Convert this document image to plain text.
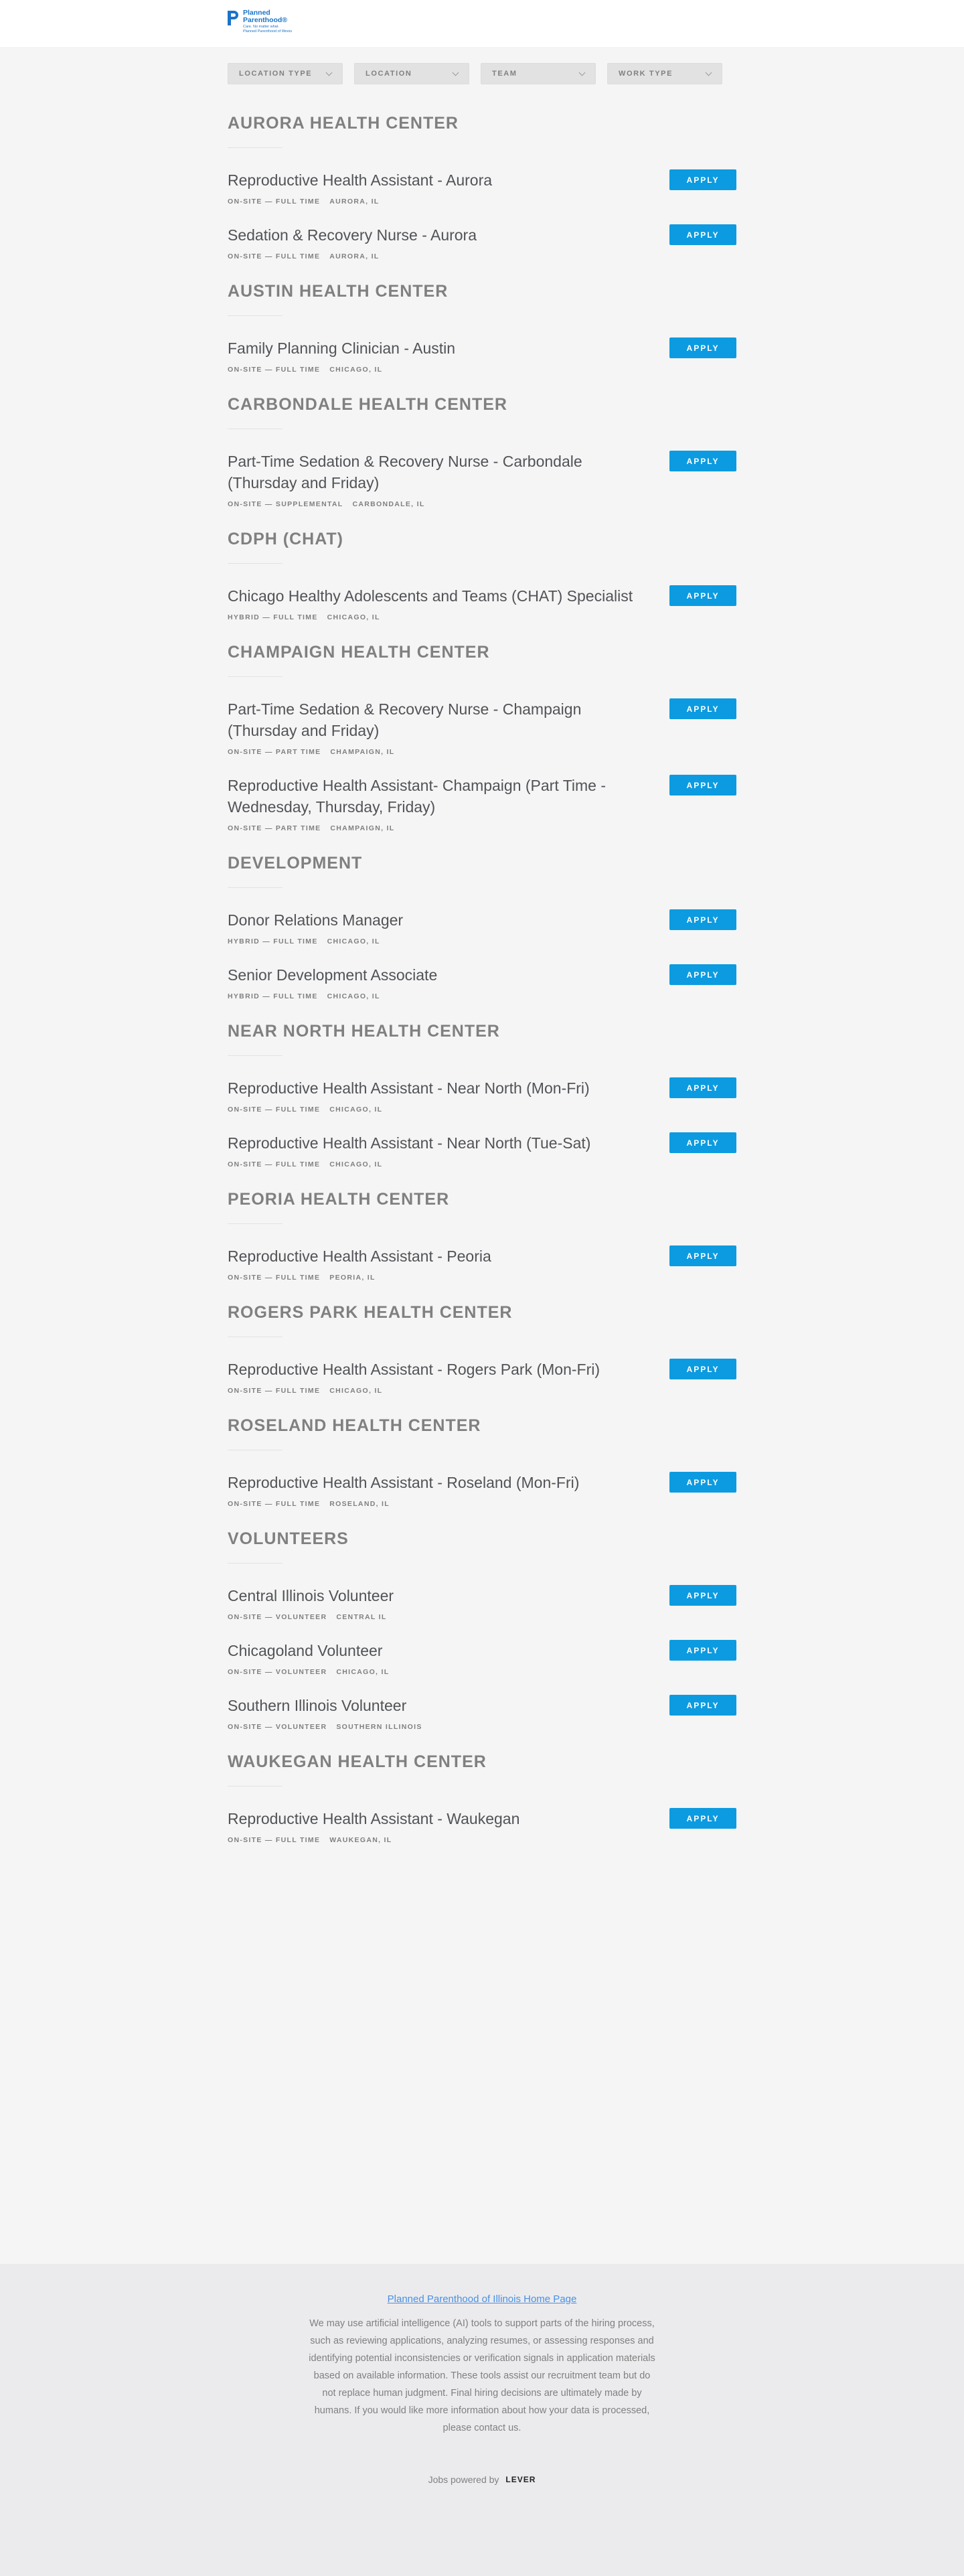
Planned
Parenthood®
Care. No matter what.
Planned Parenthood of Illinois
LOCATION TYPE	LOCATION	TEAM	WORK TYPE
AURORA HEALTH CENTER
Reproductive Health Assistant - Aurora
ON-SITE — FULL TIME AURORA, IL
APPLY
Sedation & Recovery Nurse - Aurora
ON-SITE — FULL TIME AURORA, IL
APPLY
AUSTIN HEALTH CENTER
Family Planning Clinician - Austin
ON-SITE — FULL TIME CHICAGO, IL
APPLY
CARBONDALE HEALTH CENTER
Part-Time Sedation & Recovery Nurse - Carbondale (Thursday and Friday)
ON-SITE — SUPPLEMENTAL CARBONDALE, IL
APPLY
CDPH (CHAT)
Chicago Healthy Adolescents and Teams (CHAT) Specialist
HYBRID — FULL TIME CHICAGO, IL
APPLY
CHAMPAIGN HEALTH CENTER
Part-Time Sedation & Recovery Nurse - Champaign (Thursday and Friday)
ON-SITE — PART TIME CHAMPAIGN, IL
APPLY
Reproductive Health Assistant- Champaign (Part Time - Wednesday, Thursday, Friday)
ON-SITE — PART TIME CHAMPAIGN, IL
APPLY
DEVELOPMENT
Donor Relations Manager
HYBRID — FULL TIME CHICAGO, IL
APPLY
Senior Development Associate
HYBRID — FULL TIME CHICAGO, IL
APPLY
NEAR NORTH HEALTH CENTER
Reproductive Health Assistant - Near North (Mon-Fri)
ON-SITE — FULL TIME CHICAGO, IL
APPLY
Reproductive Health Assistant - Near North (Tue-Sat)
ON-SITE — FULL TIME CHICAGO, IL
APPLY
PEORIA HEALTH CENTER
Reproductive Health Assistant - Peoria
ON-SITE — FULL TIME PEORIA, IL
APPLY
ROGERS PARK HEALTH CENTER
Reproductive Health Assistant - Rogers Park (Mon-Fri)
ON-SITE — FULL TIME CHICAGO, IL
APPLY
ROSELAND HEALTH CENTER
Reproductive Health Assistant - Roseland (Mon-Fri)
ON-SITE — FULL TIME ROSELAND, IL
APPLY
VOLUNTEERS
Central Illinois Volunteer
ON-SITE — VOLUNTEER CENTRAL IL
APPLY
Chicagoland Volunteer
ON-SITE — VOLUNTEER CHICAGO, IL
APPLY
Southern Illinois Volunteer
ON-SITE — VOLUNTEER SOUTHERN ILLINOIS
APPLY
WAUKEGAN HEALTH CENTER
Reproductive Health Assistant - Waukegan
ON-SITE — FULL TIME WAUKEGAN, IL
APPLY
Planned Parenthood of Illinois Home Page

We may use artificial intelligence (AI) tools to support parts of the hiring process, such as reviewing applications, analyzing resumes, or assessing responses and identifying potential inconsistencies or verification signals in application materials based on available information. These tools assist our recruitment team but do not replace human judgment. Final hiring decisions are ultimately made by humans. If you would like more information about how your data is processed, please contact us.

Jobs powered by LEVER
